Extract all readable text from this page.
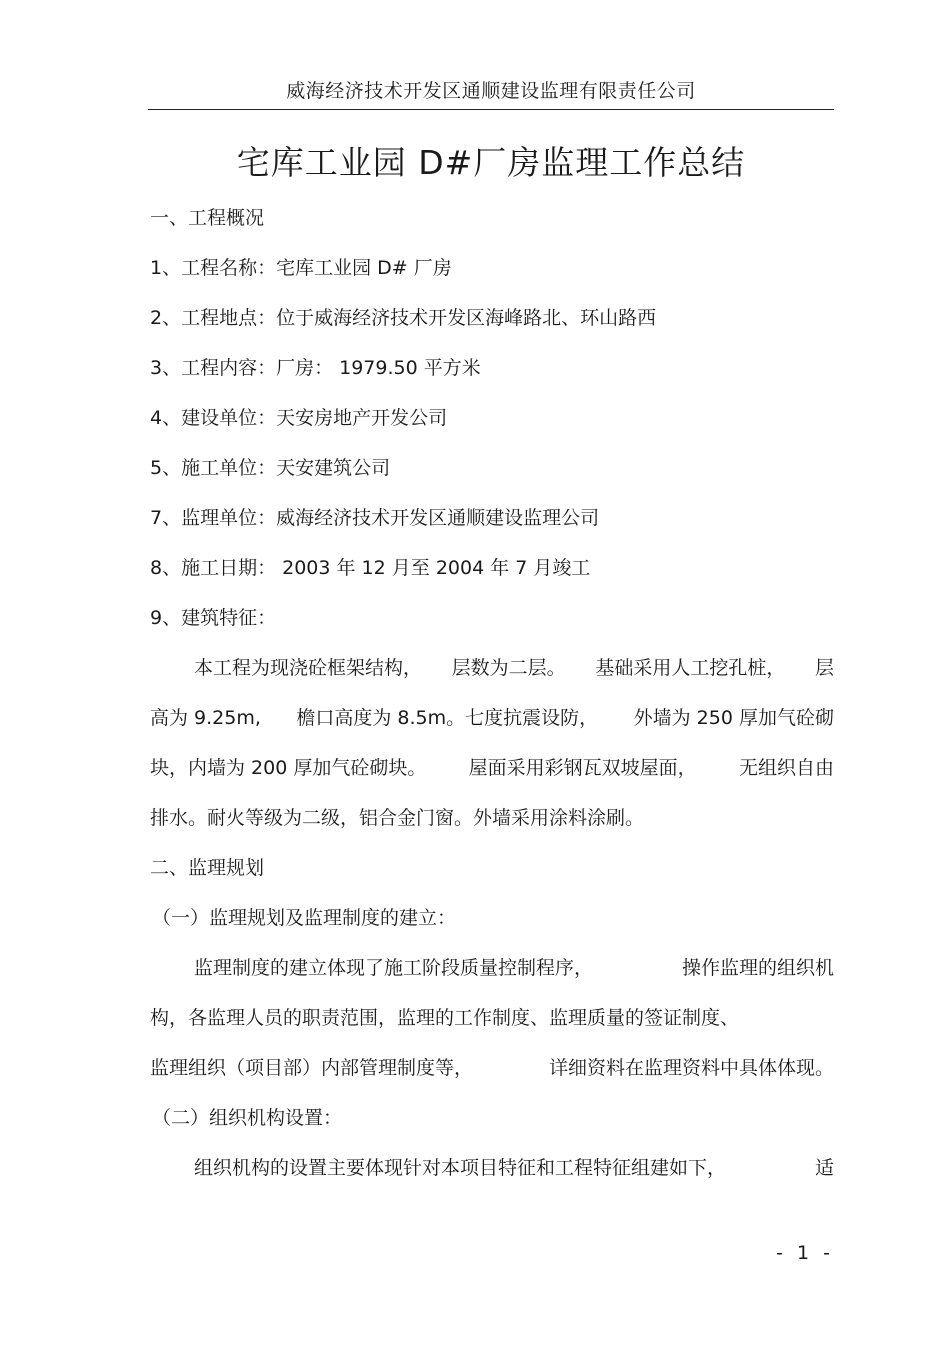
威海经济技术开发区通顺建设监理有限责任公司
宅库工业园 D#厂房监理工作总结
一、工程概况
1、工程名称：宅库工业园 D# 厂房
2、工程地点：位于威海经济技术开发区海峰路北、环山路西
3、工程内容：厂房： 1979.50 平方米
4、建设单位：天安房地产开发公司
5、施工单位：天安建筑公司
7、监理单位：威海经济技术开发区通顺建设监理公司
8、施工日期： 2003 年 12 月至 2004 年 7 月竣工
9、建筑特征：
本工程为现浇砼框架结构， 层数为二层。 基础采用人工挖孔桩， 层
高为 9.25m, 檐口高度为 8.5m。七度抗震设防， 外墙为 250 厚加气砼砌
块，内墙为 200 厚加气砼砌块。 屋面采用彩钢瓦双坡屋面， 无组织自由
排水。耐火等级为二级，铝合金门窗。外墙采用涂料涂刷。
二、监理规划
（一）监理规划及监理制度的建立：
监理制度的建立体现了施工阶段质量控制程序，	操作监理的组织机
构，各监理人员的职责范围，监理的工作制度、监理质量的签证制度、
监理组织（项目部）内部管理制度等，	详细资料在监理资料中具体体现。
（二）组织机构设置：
组织机构的设置主要体现针对本项目特征和工程特征组建如下，	适
- 1 -
